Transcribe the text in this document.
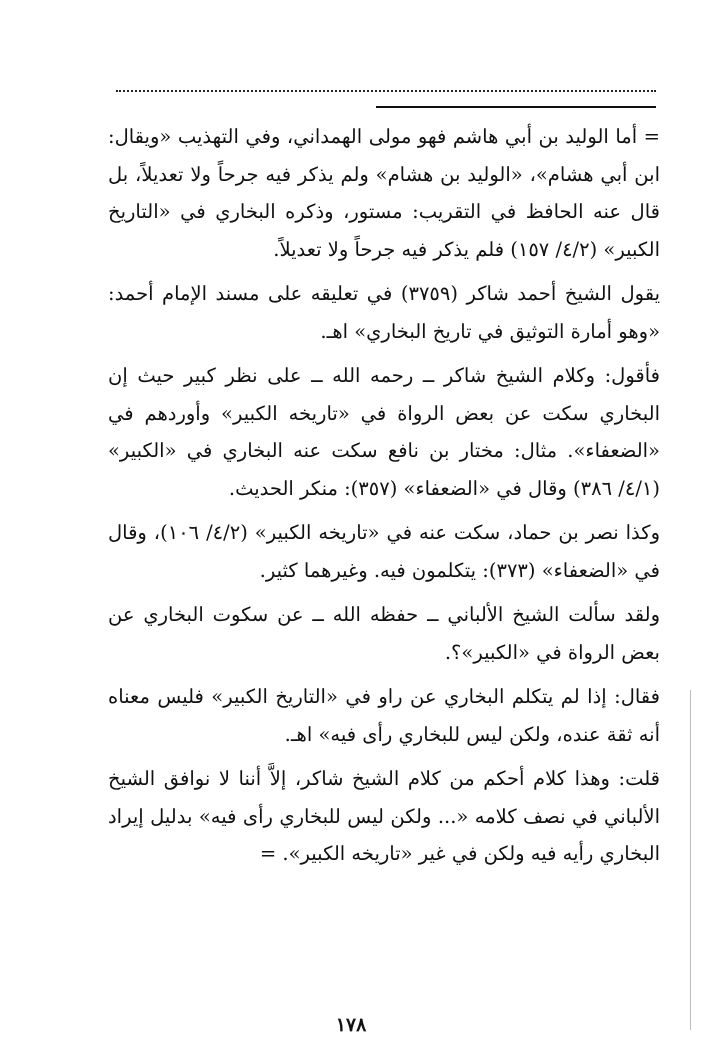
= أما الوليد بن أبي هاشم فهو مولى الهمداني، وفي التهذيب «ويقال: ابن أبي هشام»، «الوليد بن هشام» ولم يذكر فيه جرحاً ولا تعديلاً، بل قال عنه الحافظ في التقريب: مستور، وذكره البخاري في «التاريخ الكبير» (٤/٢/ ١٥٧) فلم يذكر فيه جرحاً ولا تعديلاً.

يقول الشيخ أحمد شاكر (٣٧٥٩) في تعليقه على مسند الإمام أحمد: «وهو أمارة التوثيق في تاريخ البخاري» اهـ.

فأقول: وكلام الشيخ شاكر ــ رحمه الله ــ على نظر كبير حيث إن البخاري سكت عن بعض الرواة في «تاريخه الكبير» وأوردهم في «الضعفاء». مثال: مختار بن نافع سكت عنه البخاري في «الكبير» (٤/١/ ٣٨٦) وقال في «الضعفاء» (٣٥٧): منكر الحديث.

وكذا نصر بن حماد، سكت عنه في «تاريخه الكبير» (٤/٢/ ١٠٦)، وقال في «الضعفاء» (٣٧٣): يتكلمون فيه. وغيرهما كثير.

ولقد سألت الشيخ الألباني ــ حفظه الله ــ عن سكوت البخاري عن بعض الرواة في «الكبير»؟.

فقال: إذا لم يتكلم البخاري عن راو في «التاريخ الكبير» فليس معناه أنه ثقة عنده، ولكن ليس للبخاري رأى فيه» اهـ.

قلت: وهذا كلام أحكم من كلام الشيخ شاكر، إلاَّ أننا لا نوافق الشيخ الألباني في نصف كلامه «... ولكن ليس للبخاري رأى فيه» بدليل إيراد البخاري رأيه فيه ولكن في غير «تاريخه الكبير». =

١٧٨
